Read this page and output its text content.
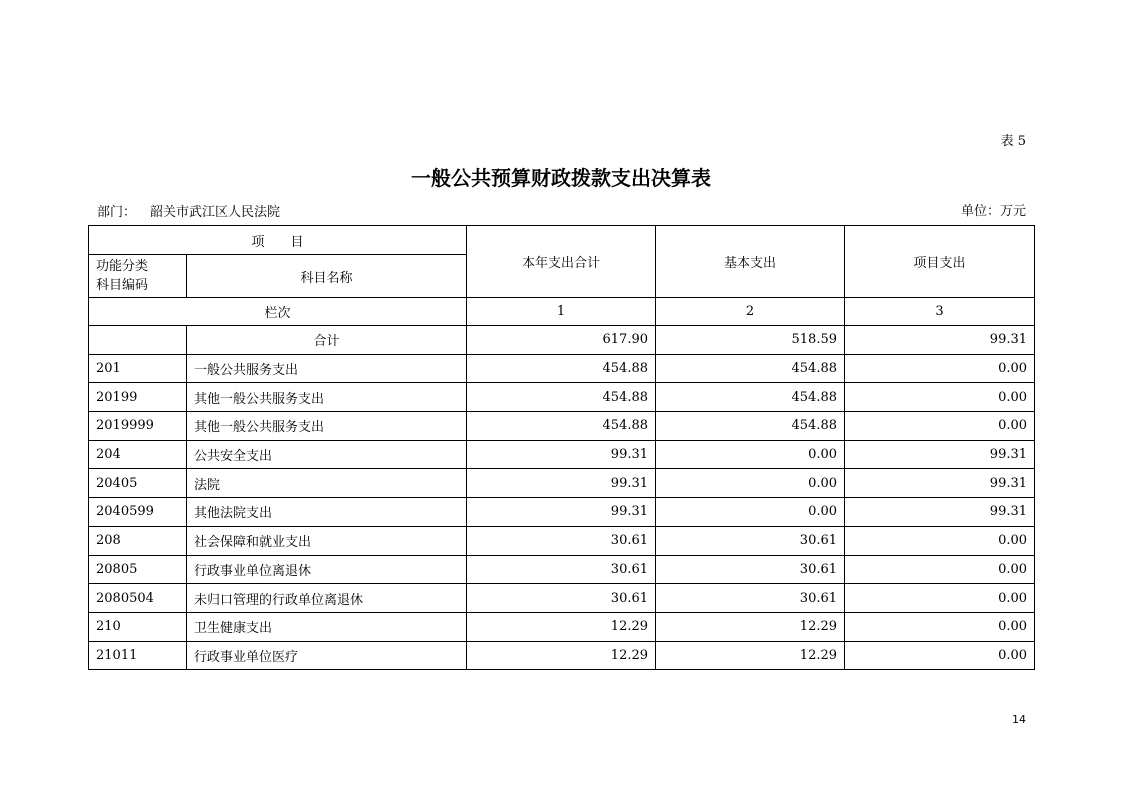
表 5
一般公共预算财政拨款支出决算表
部门： 韶关市武江区人民法院	单位：万元
项　　目		本年支出合计	基本支出	项目支出

功能分类
科目编码	科目名称			
栏次		1	2	3
	合计	617.90	518.59	99.31
201	一般公共服务支出	454.88	454.88	0.00
20199	其他一般公共服务支出	454.88	454.88	0.00
2019999	其他一般公共服务支出	454.88	454.88	0.00
204	公共安全支出	99.31	0.00	99.31
20405	法院	99.31	0.00	99.31
2040599	其他法院支出	99.31	0.00	99.31
208	社会保障和就业支出	30.61	30.61	0.00
20805	行政事业单位离退休	30.61	30.61	0.00
2080504	未归口管理的行政单位离退休	30.61	30.61	0.00
210	卫生健康支出	12.29	12.29	0.00
21011	行政事业单位医疗	12.29	12.29	0.00
14
